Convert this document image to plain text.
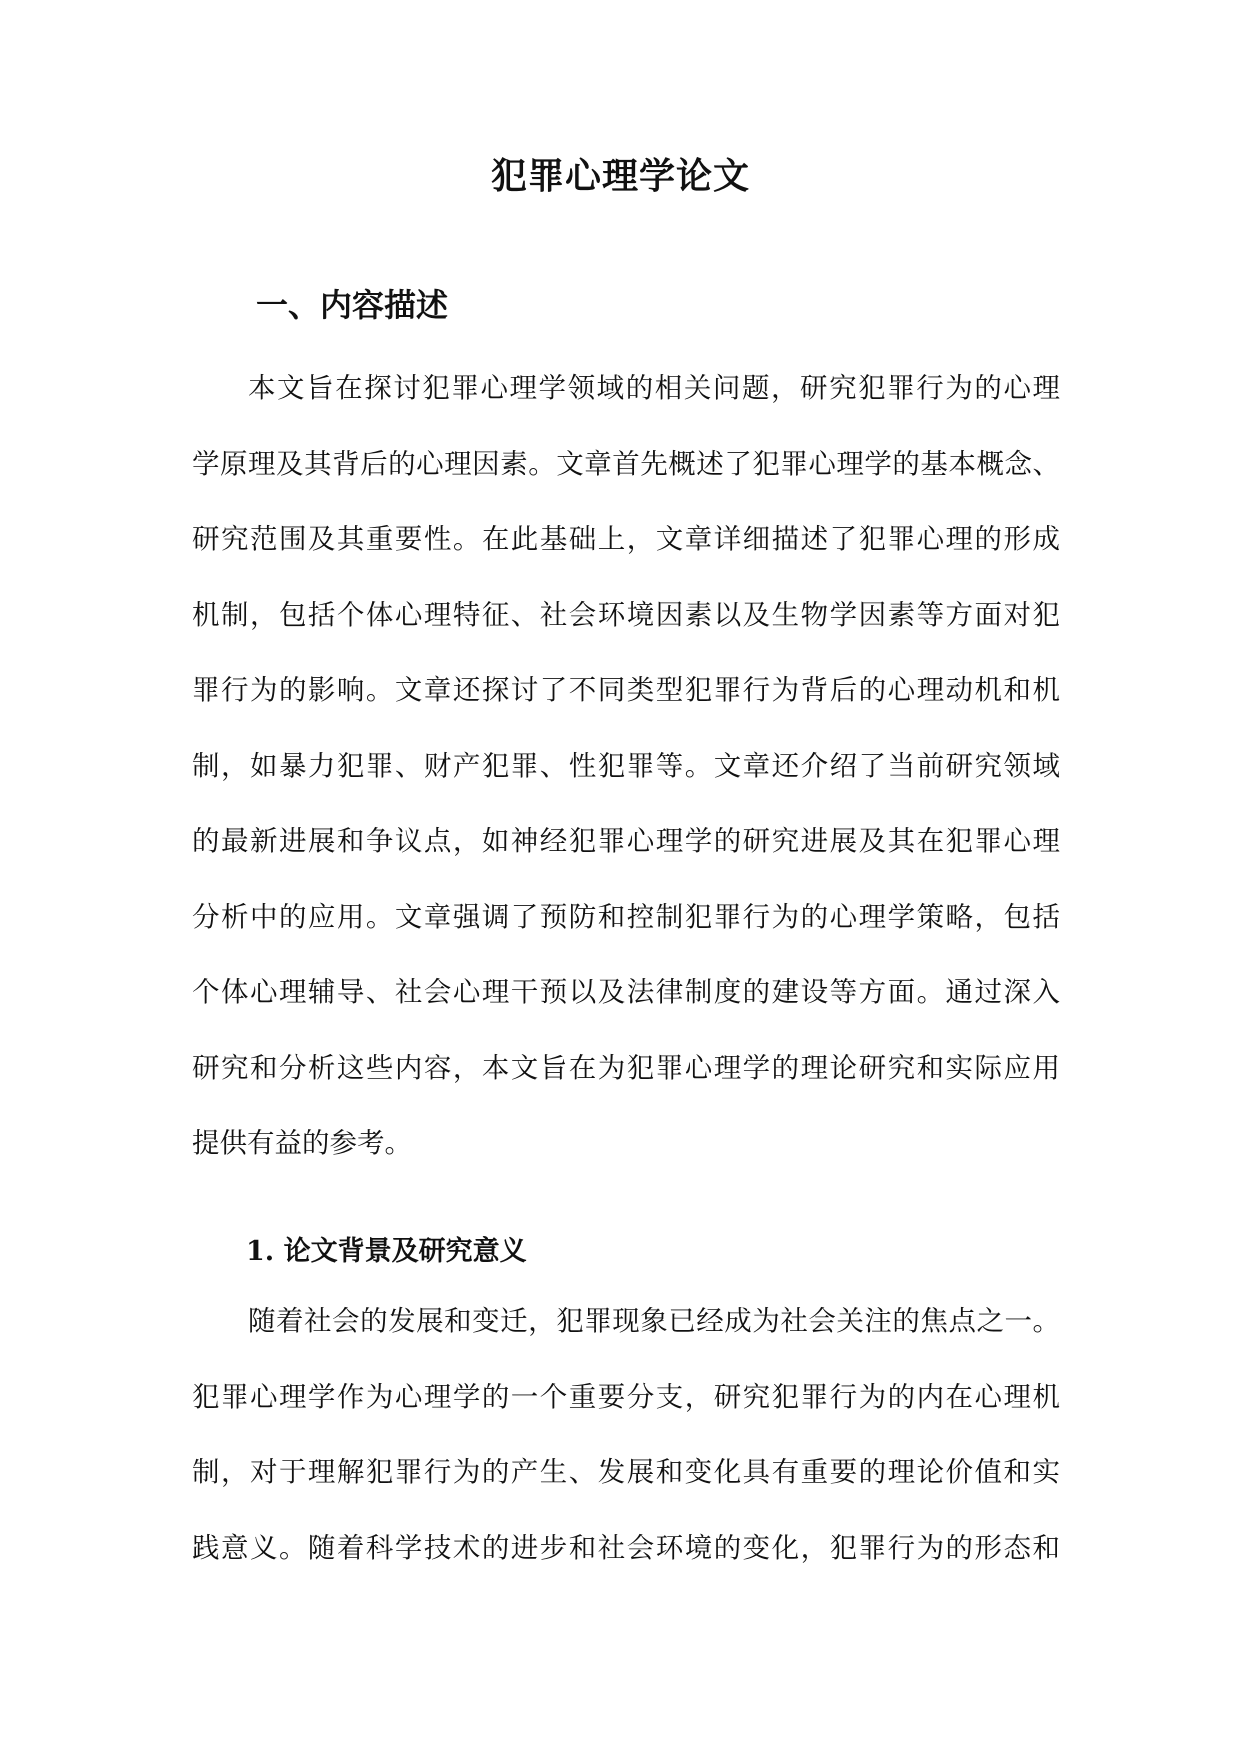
犯罪心理学论文
一、内容描述
本文旨在探讨犯罪心理学领域的相关问题，研究犯罪行为的心理
学原理及其背后的心理因素。文章首先概述了犯罪心理学的基本概念、
研究范围及其重要性。在此基础上，文章详细描述了犯罪心理的形成
机制，包括个体心理特征、社会环境因素以及生物学因素等方面对犯
罪行为的影响。文章还探讨了不同类型犯罪行为背后的心理动机和机
制，如暴力犯罪、财产犯罪、性犯罪等。文章还介绍了当前研究领域
的最新进展和争议点，如神经犯罪心理学的研究进展及其在犯罪心理
分析中的应用。文章强调了预防和控制犯罪行为的心理学策略，包括
个体心理辅导、社会心理干预以及法律制度的建设等方面。通过深入
研究和分析这些内容，本文旨在为犯罪心理学的理论研究和实际应用
提供有益的参考。
1. 论文背景及研究意义
随着社会的发展和变迁，犯罪现象已经成为社会关注的焦点之一。
犯罪心理学作为心理学的一个重要分支，研究犯罪行为的内在心理机
制，对于理解犯罪行为的产生、发展和变化具有重要的理论价值和实
践意义。随着科学技术的进步和社会环境的变化，犯罪行为的形态和
